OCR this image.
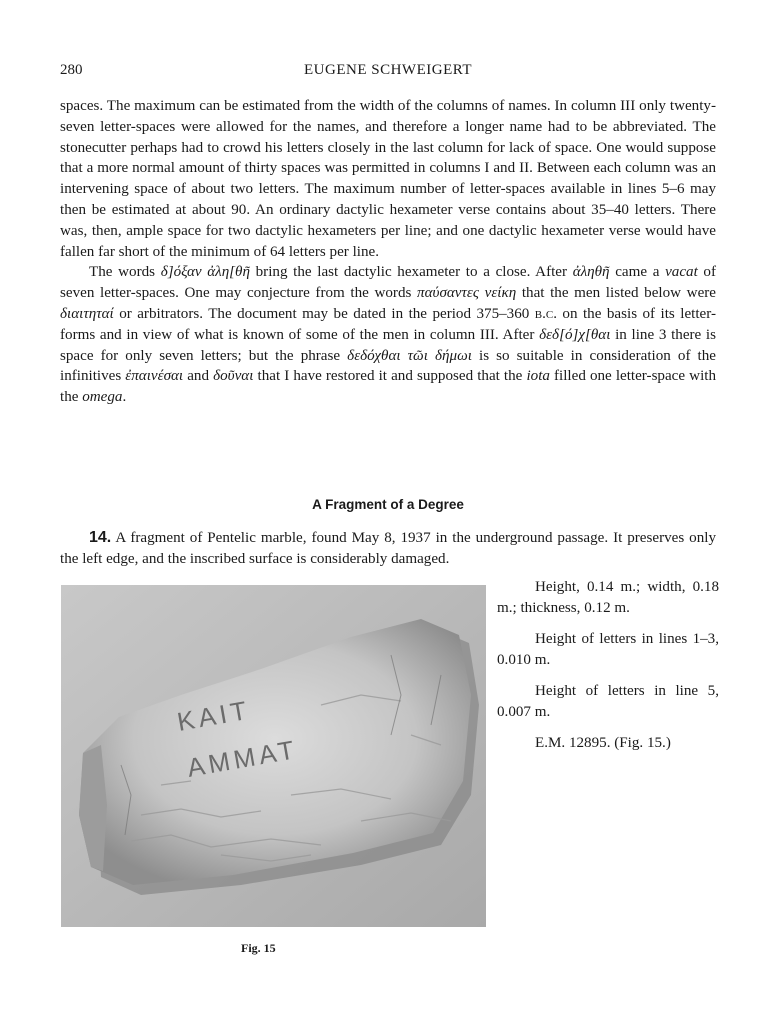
280	EUGENE SCHWEIGERT

spaces. The maximum can be estimated from the width of the columns of names. In column III only twenty-seven letter-spaces were allowed for the names, and therefore a longer name had to be abbreviated. The stonecutter perhaps had to crowd his letters closely in the last column for lack of space. One would suppose that a more normal amount of thirty spaces was permitted in columns I and II. Between each column was an intervening space of about two letters. The maximum number of letter-spaces available in lines 5–6 may then be estimated at about 90. An ordinary dactylic hexameter verse contains about 35–40 letters. There was, then, ample space for two dactylic hexameters per line; and one dactylic hexameter verse would have fallen far short of the minimum of 64 letters per line.

The words δ]όξαν ἀλη[θῆ bring the last dactylic hexameter to a close. After ἀληθῆ came a vacat of seven letter-spaces. One may conjecture from the words παύσαντες νείκη that the men listed below were διαιτηταί or arbitrators. The document may be dated in the period 375–360 b.c. on the basis of its letter-forms and in view of what is known of some of the men in column III. After δεδ[ό]χ[θαι in line 3 there is space for only seven letters; but the phrase δεδόχθαι τῶι δήμωι is so suitable in consideration of the infinitives ἐπαινέσαι and δοῦναι that I have restored it and supposed that the iota filled one letter-space with the omega.

A Fragment of a Degree
14. A fragment of Pentelic marble, found May 8, 1937 in the underground passage. It preserves only the left edge, and the inscribed surface is considerably damaged.
ΚΑΙΤ
ΑΜΜΑΤ

Height, 0.14 m.; width, 0.18 m.; thickness, 0.12 m.

Height of letters in lines 1–3, 0.010 m.

Height of letters in line 5, 0.007 m.

E.M. 12895. (Fig. 15.)

Fig. 15
